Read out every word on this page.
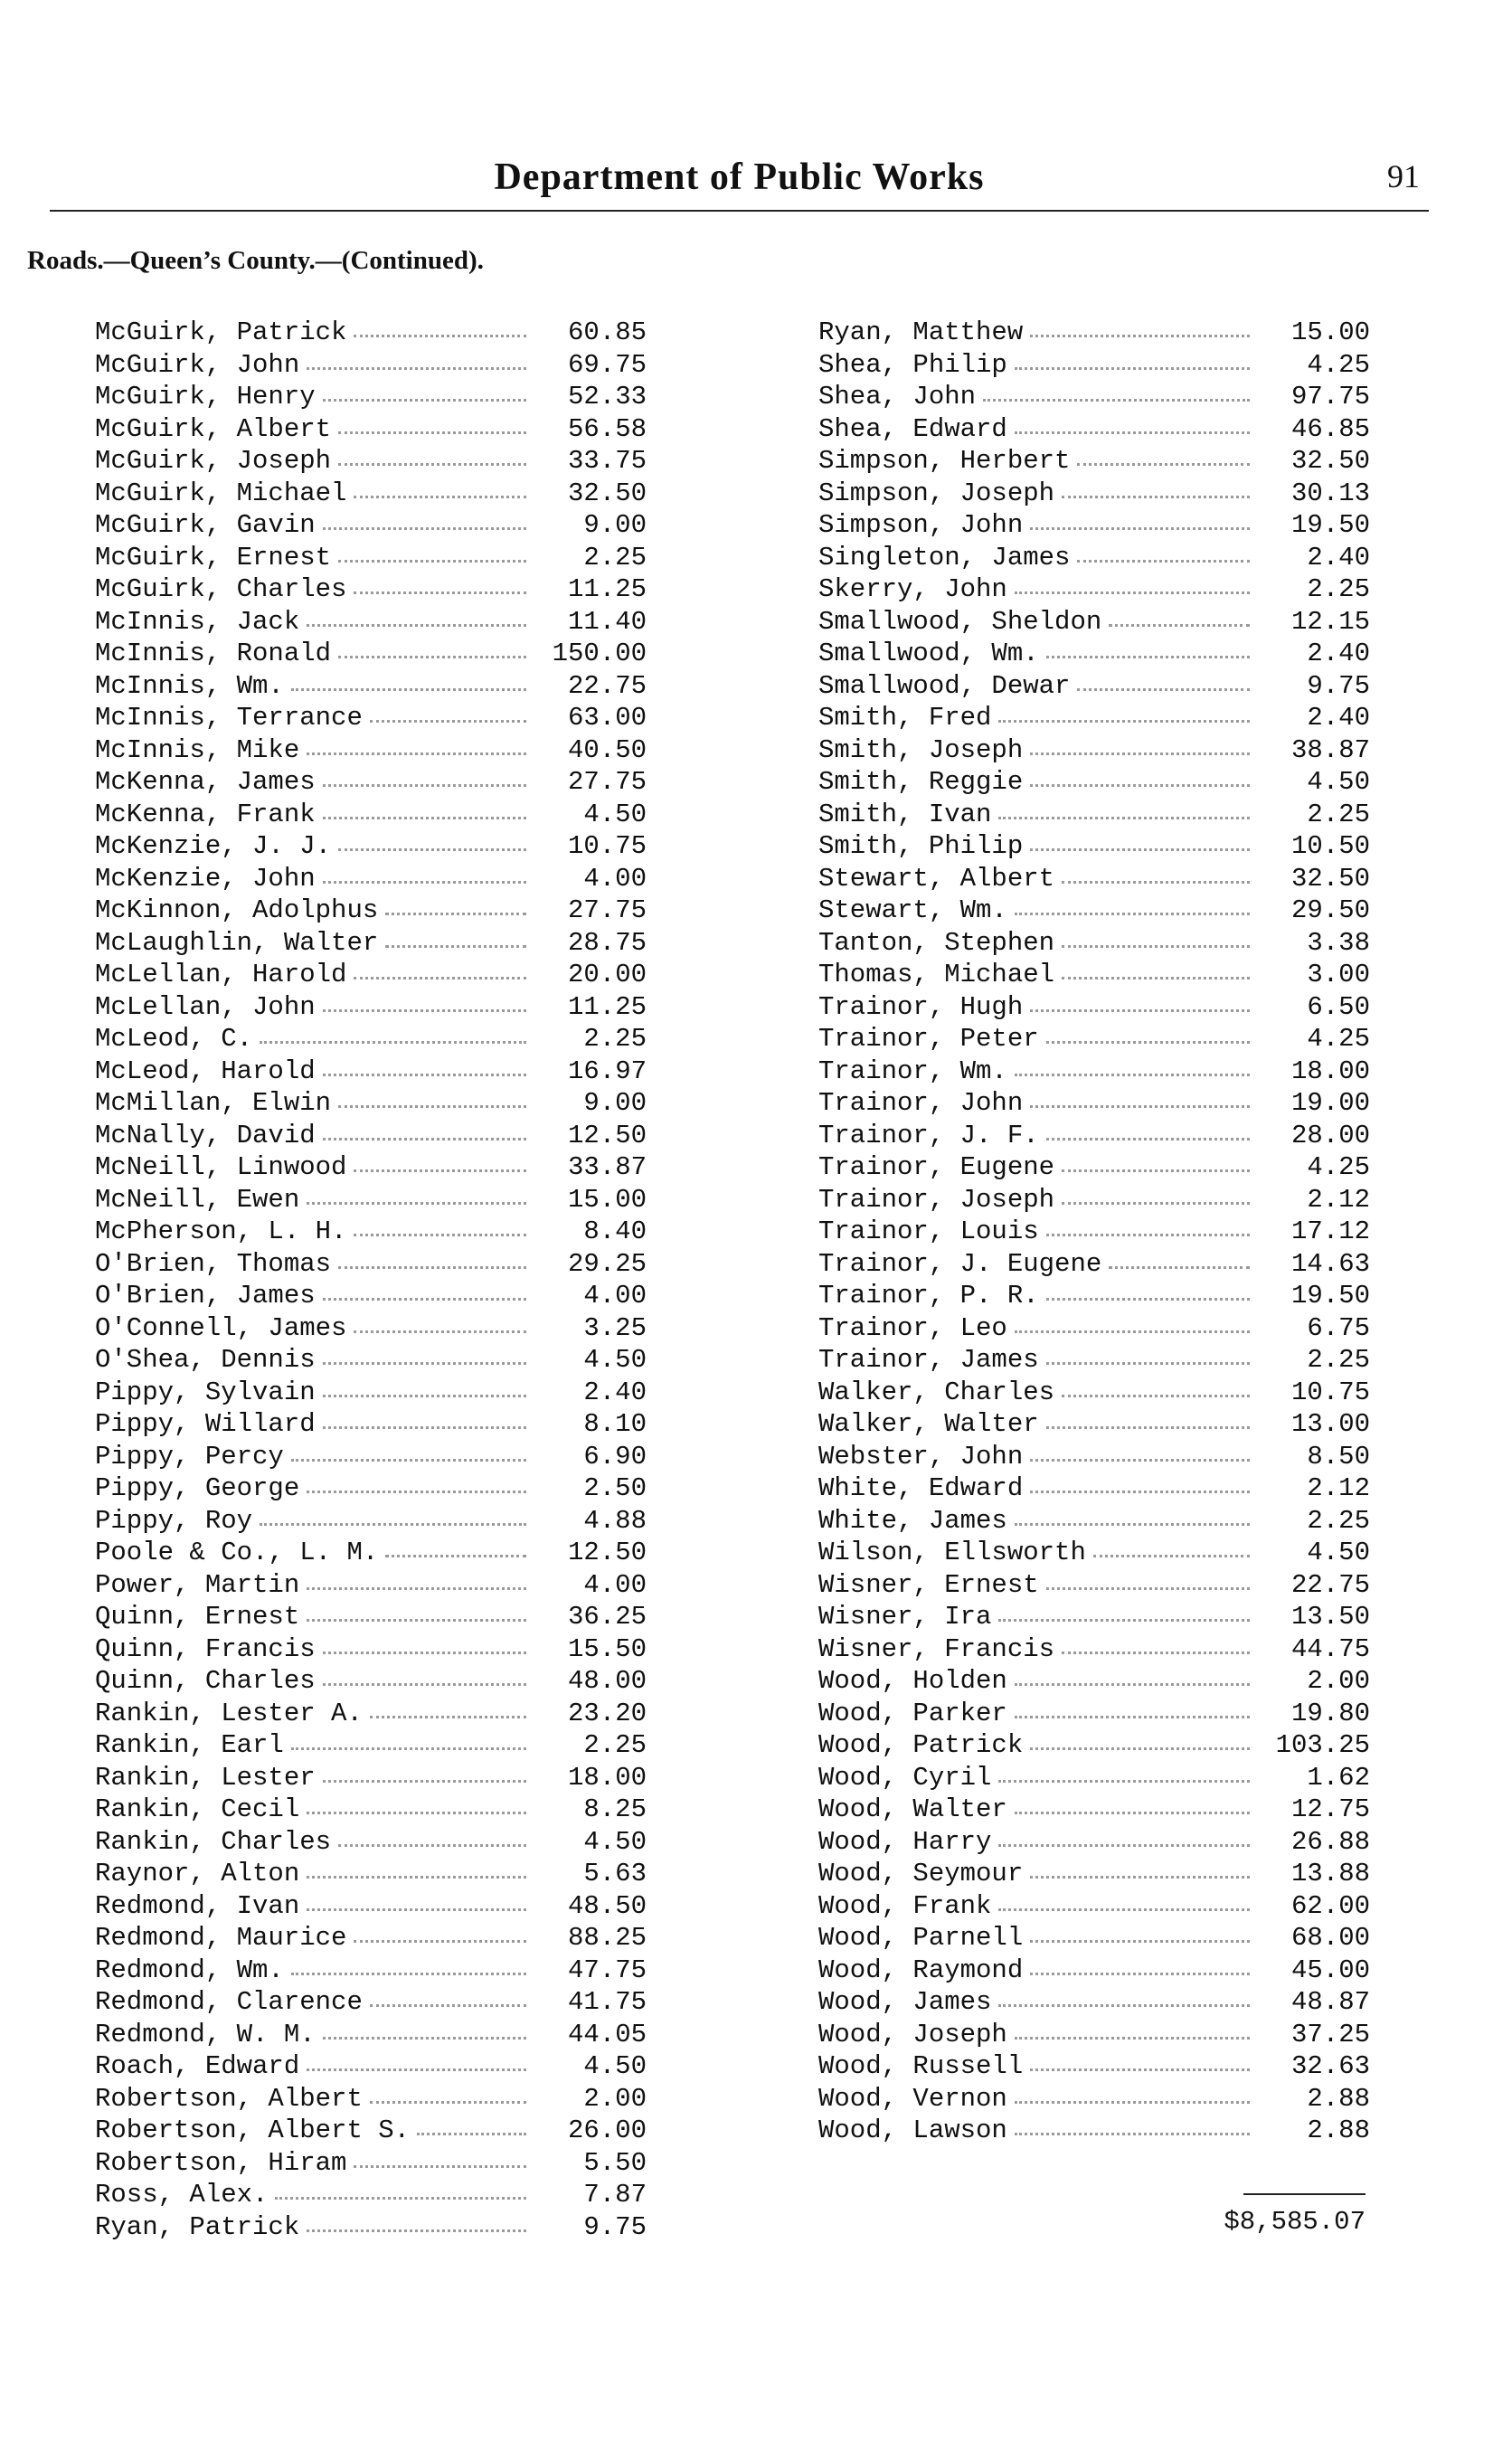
Department of Public Works	91
Roads.—Queen’s County.—(Continued).
McGuirk, Patrick	60.85
McGuirk, John	69.75
McGuirk, Henry	52.33
McGuirk, Albert	56.58
McGuirk, Joseph	33.75
McGuirk, Michael	32.50
McGuirk, Gavin	9.00
McGuirk, Ernest	2.25
McGuirk, Charles	11.25
McInnis, Jack	11.40
McInnis, Ronald	150.00
McInnis, Wm.	22.75
McInnis, Terrance	63.00
McInnis, Mike	40.50
McKenna, James	27.75
McKenna, Frank	4.50
McKenzie, J. J.	10.75
McKenzie, John	4.00
McKinnon, Adolphus	27.75
McLaughlin, Walter	28.75
McLellan, Harold	20.00
McLellan, John	11.25
McLeod, C.	2.25
McLeod, Harold	16.97
McMillan, Elwin	9.00
McNally, David	12.50
McNeill, Linwood	33.87
McNeill, Ewen	15.00
McPherson, L. H.	8.40
O'Brien, Thomas	29.25
O'Brien, James	4.00
O'Connell, James	3.25
O'Shea, Dennis	4.50
Pippy, Sylvain	2.40
Pippy, Willard	8.10
Pippy, Percy	6.90
Pippy, George	2.50
Pippy, Roy	4.88
Poole & Co., L. M.	12.50
Power, Martin	4.00
Quinn, Ernest	36.25
Quinn, Francis	15.50
Quinn, Charles	48.00
Rankin, Lester A.	23.20
Rankin, Earl	2.25
Rankin, Lester	18.00
Rankin, Cecil	8.25
Rankin, Charles	4.50
Raynor, Alton	5.63
Redmond, Ivan	48.50
Redmond, Maurice	88.25
Redmond, Wm.	47.75
Redmond, Clarence	41.75
Redmond, W. M.	44.05
Roach, Edward	4.50
Robertson, Albert	2.00
Robertson, Albert S.	26.00
Robertson, Hiram	5.50
Ross, Alex.	7.87
Ryan, Patrick	9.75
Ryan, Matthew	15.00
Shea, Philip	4.25
Shea, John	97.75
Shea, Edward	46.85
Simpson, Herbert	32.50
Simpson, Joseph	30.13
Simpson, John	19.50
Singleton, James	2.40
Skerry, John	2.25
Smallwood, Sheldon	12.15
Smallwood, Wm.	2.40
Smallwood, Dewar	9.75
Smith, Fred	2.40
Smith, Joseph	38.87
Smith, Reggie	4.50
Smith, Ivan	2.25
Smith, Philip	10.50
Stewart, Albert	32.50
Stewart, Wm.	29.50
Tanton, Stephen	3.38
Thomas, Michael	3.00
Trainor, Hugh	6.50
Trainor, Peter	4.25
Trainor, Wm.	18.00
Trainor, John	19.00
Trainor, J. F.	28.00
Trainor, Eugene	4.25
Trainor, Joseph	2.12
Trainor, Louis	17.12
Trainor, J. Eugene	14.63
Trainor, P. R.	19.50
Trainor, Leo	6.75
Trainor, James	2.25
Walker, Charles	10.75
Walker, Walter	13.00
Webster, John	8.50
White, Edward	2.12
White, James	2.25
Wilson, Ellsworth	4.50
Wisner, Ernest	22.75
Wisner, Ira	13.50
Wisner, Francis	44.75
Wood, Holden	2.00
Wood, Parker	19.80
Wood, Patrick	103.25
Wood, Cyril	1.62
Wood, Walter	12.75
Wood, Harry	26.88
Wood, Seymour	13.88
Wood, Frank	62.00
Wood, Parnell	68.00
Wood, Raymond	45.00
Wood, James	48.87
Wood, Joseph	37.25
Wood, Russell	32.63
Wood, Vernon	2.88
Wood, Lawson	2.88
$8,585.07
